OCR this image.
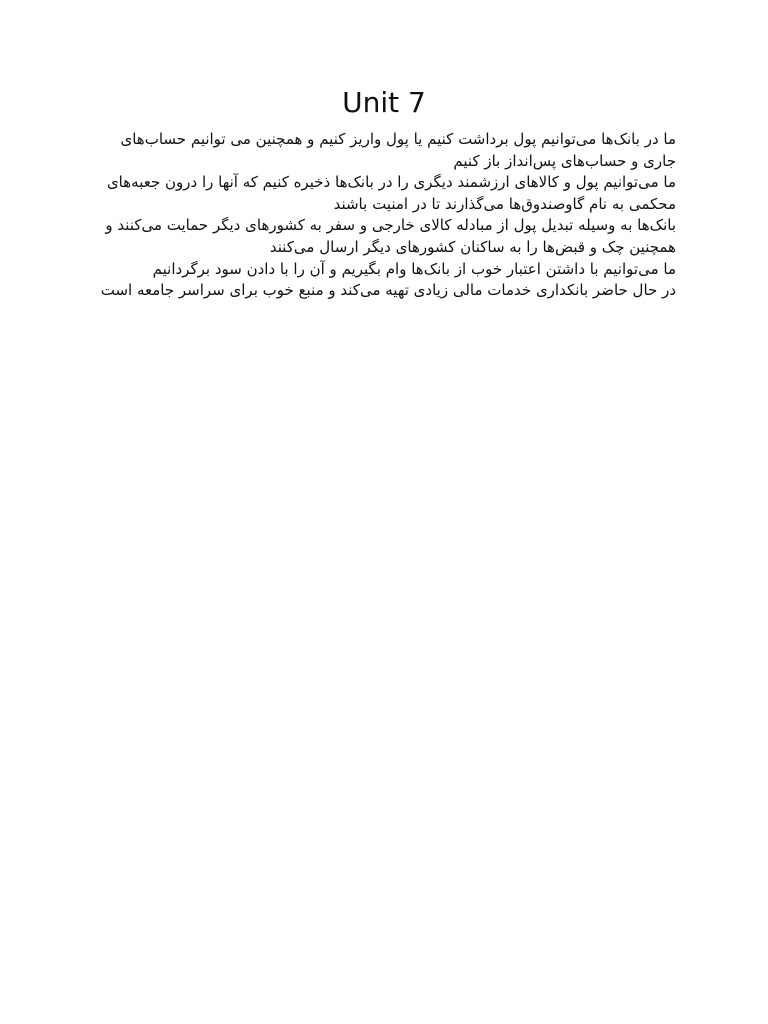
Unit 7

ما در بانک‌ها می‌توانیم پول برداشت کنیم یا پول واریز کنیم و همچنین می توانیم حساب‌های جاری و حساب‌های پس‌انداز باز کنیم

ما می‌توانیم پول و کالاهای ارزشمند دیگری را در بانک‌ها ذخیره کنیم که آنها را درون جعبه‌های محکمی به نام گاوصندوق‌ها می‌گذارند تا در امنیت باشند

بانک‌ها به وسیله تبدیل پول از مبادله کالای خارجی و سفر به کشورهای دیگر حمایت می‌کنند و همچنین چک و قبض‌ها را به ساکنان کشورهای دیگر ارسال می‌کنند

ما می‌توانیم با داشتن اعتبار خوب از بانک‌ها وام بگیریم و آن را با دادن سود برگردانیم

در حال حاضر بانکداری خدمات مالی زیادی تهیه می‌کند و منبع خوب برای سراسر جامعه است
